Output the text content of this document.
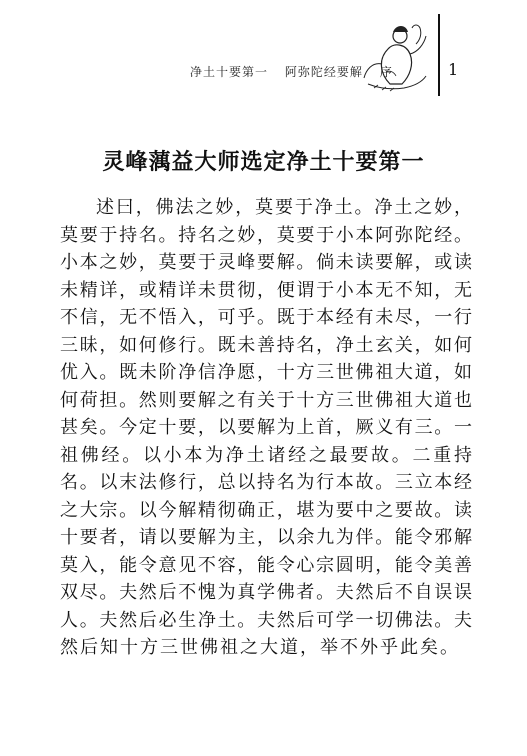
净土十要第一 阿弥陀经要解 序	1
灵峰蕅益大师选定净土十要第一
述曰，佛法之妙，莫要于净土。净土之妙，
莫要于持名。持名之妙，莫要于小本阿弥陀经。
小本之妙，莫要于灵峰要解。倘未读要解，或读
未精详，或精详未贯彻，便谓于小本无不知，无
不信，无不悟入，可乎。既于本经有未尽，一行
三昧，如何修行。既未善持名，净土玄关，如何
优入。既未阶净信净愿，十方三世佛祖大道，如
何荷担。然则要解之有关于十方三世佛祖大道也
甚矣。今定十要，以要解为上首，厥义有三。一
祖佛经。以小本为净土诸经之最要故。二重持
名。以末法修行，总以持名为行本故。三立本经
之大宗。以今解精彻确正，堪为要中之要故。读
十要者，请以要解为主，以余九为伴。能令邪解
莫入，能令意见不容，能令心宗圆明，能令美善
双尽。夫然后不愧为真学佛者。夫然后不自误误
人。夫然后必生净土。夫然后可学一切佛法。夫
然后知十方三世佛祖之大道，举不外乎此矣。
